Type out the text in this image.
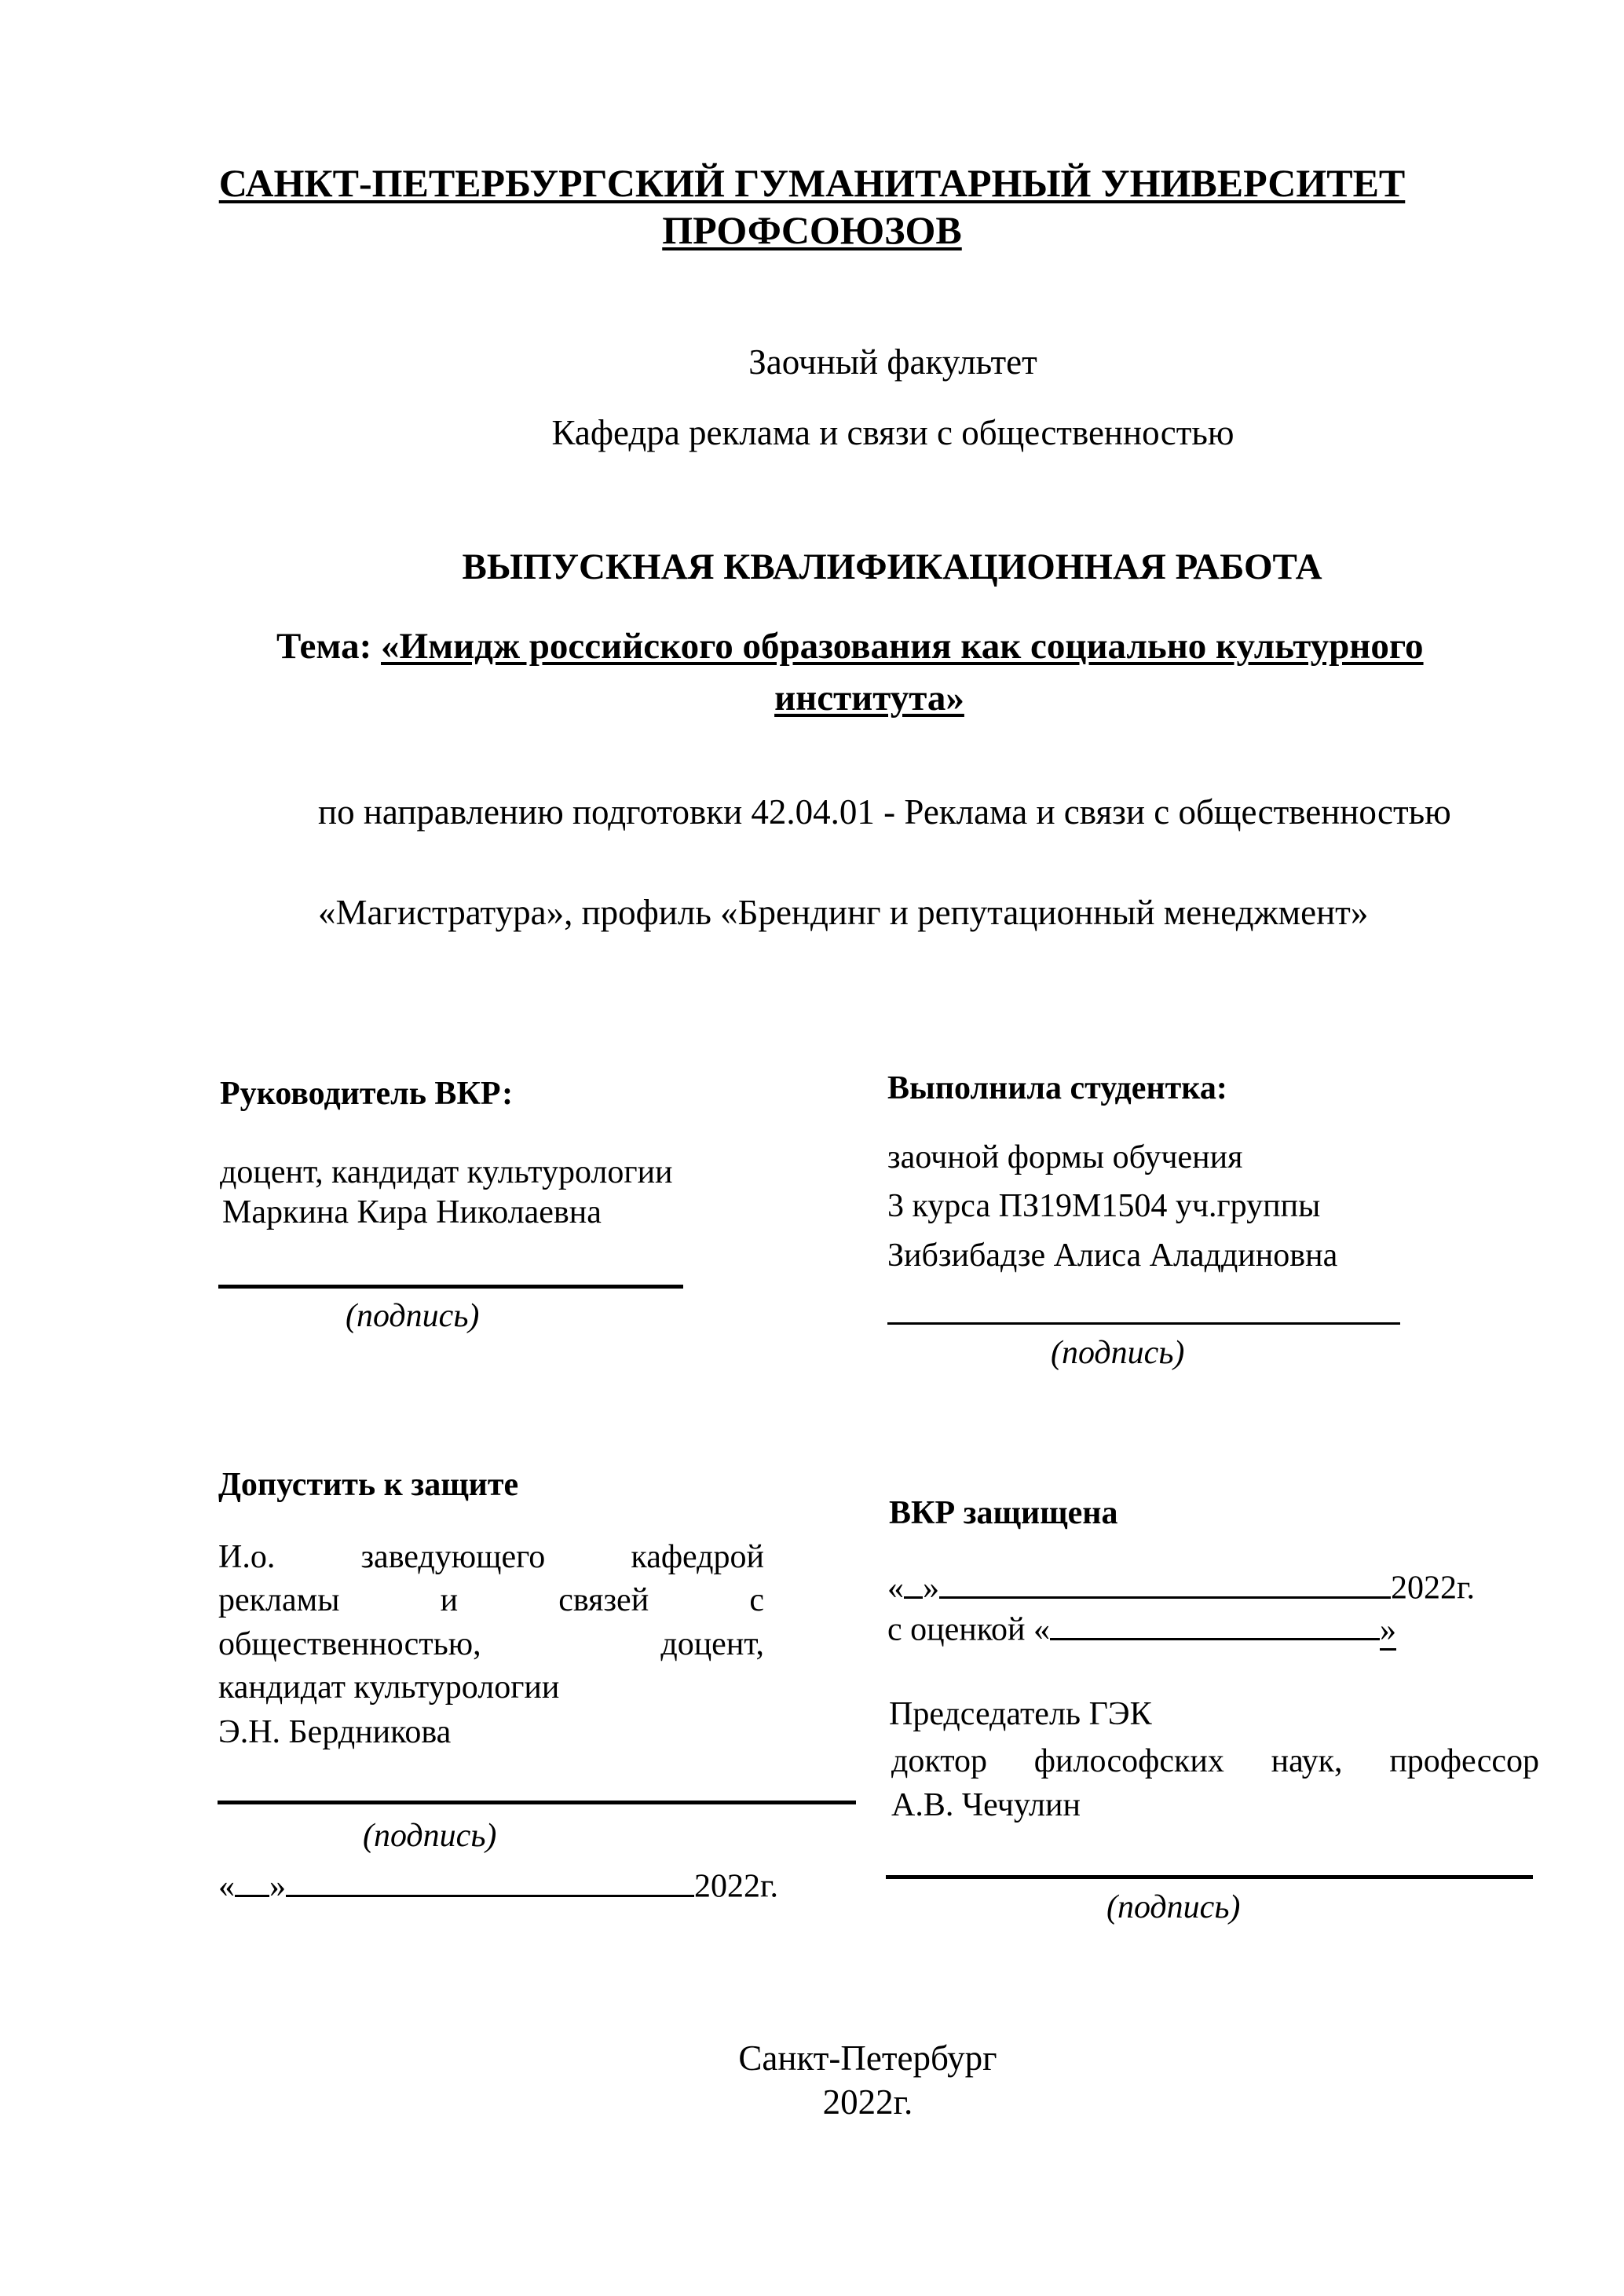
САНКТ-ПЕТЕРБУРГСКИЙ ГУМАНИТАРНЫЙ УНИВЕРСИТЕТ
ПРОФСОЮЗОВ
Заочный факультет
Кафедра реклама и связи с общественностью
ВЫПУСКНАЯ КВАЛИФИКАЦИОННАЯ РАБОТА
Тема: «Имидж российского образования как социально культурного
института»
по направлению подготовки 42.04.01 - Реклама и связи с общественностью
«Магистратура», профиль «Брендинг и репутационный менеджмент»
Руководитель ВКР:
доцент, кандидат культурологии
Маркина Кира Николаевна
(подпись)
Выполнила студентка:
заочной формы обучения
3 курса ПЗ19М1504 уч.группы
Зибзибадзе Алиса Аладдиновна
(подпись)
Допустить к защите
И.о.	заведующего	кафедрой
рекламы	и	связей	с
общественностью,	доцент,
кандидат культурологии
Э.Н. Бердникова
(подпись)
« »	2022г.
ВКР защищена
« »	2022г.
с оценкой «	»
Председатель ГЭК
доктор философских наук, профессор
А.В. Чечулин
(подпись)
Санкт-Петербург
2022г.
